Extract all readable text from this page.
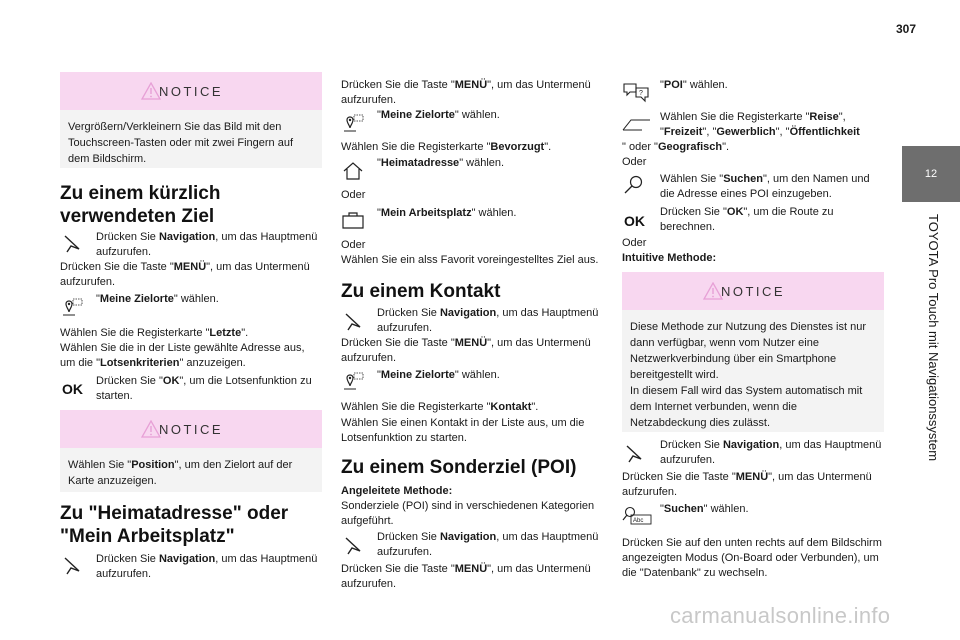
307
12
TOYOTA Pro Touch mit Navigationssystem
NOTICE
Vergrößern/Verkleinern Sie das Bild mit den Touchscreen-Tasten oder mit zwei Fingern auf dem Bildschirm.
Zu einem kürzlich verwendeten Ziel

Drücken Sie Navigation, um das Hauptmenü aufzurufen.

Drücken Sie die Taste "MENÜ", um das Untermenü aufzurufen.

"Meine Zielorte" wählen.

Wählen Sie die Registerkarte "Letzte".

Wählen Sie die in der Liste gewählte Adresse aus, um die "Lotsenkriterien" anzuzeigen.

OK Drücken Sie "OK", um die Lotsenfunktion zu starten.

NOTICE
Wählen Sie "Position", um den Zielort auf der Karte anzuzeigen.
Zu "Heimatadresse" oder "Mein Arbeitsplatz"

Drücken Sie Navigation, um das Hauptmenü aufzurufen.

Drücken Sie die Taste "MENÜ", um das Untermenü aufzurufen.

"Meine Zielorte" wählen.

Wählen Sie die Registerkarte "Bevorzugt".

"Heimatadresse" wählen.

Oder

"Mein Arbeitsplatz" wählen.

Oder

Wählen Sie ein alss Favorit voreingestelltes Ziel aus.

Zu einem Kontakt

Drücken Sie Navigation, um das Hauptmenü aufzurufen.

Drücken Sie die Taste "MENÜ", um das Untermenü aufzurufen.

"Meine Zielorte" wählen.

Wählen Sie die Registerkarte "Kontakt".

Wählen Sie einen Kontakt in der Liste aus, um die Lotsenfunktion zu starten.

Zu einem Sonderziel (POI)

Angeleitete Methode:

Sonderziele (POI) sind in verschiedenen Kategorien aufgeführt.

Drücken Sie Navigation, um das Hauptmenü aufzurufen.

Drücken Sie die Taste "MENÜ", um das Untermenü aufzurufen.

?

"POI" wählen.

Wählen Sie die Registerkarte "Reise", "Freizeit", "Gewerblich", "Öffentlichkeit

" oder "Geografisch".

Oder

Wählen Sie "Suchen", um den Namen und die Adresse eines POI einzugeben.

OK

Drücken Sie "OK", um die Route zu berechnen.

Oder

Intuitive Methode:

NOTICE
Diese Methode zur Nutzung des Dienstes ist nur dann verfügbar, wenn vom Nutzer eine Netzwerkverbindung über ein Smartphone bereitgestellt wird.
In diesem Fall wird das System automatisch mit dem Internet verbunden, wenn die Netzabdeckung dies zulässt.

Drücken Sie Navigation, um das Hauptmenü aufzurufen.

Drücken Sie die Taste "MENÜ", um das Untermenü aufzurufen.

Abc

"Suchen" wählen.

Drücken Sie auf den unten rechts auf dem Bildschirm angezeigten Modus (On-Board oder Verbunden), um die "Datenbank" zu wechseln.

carmanualsonline.info
